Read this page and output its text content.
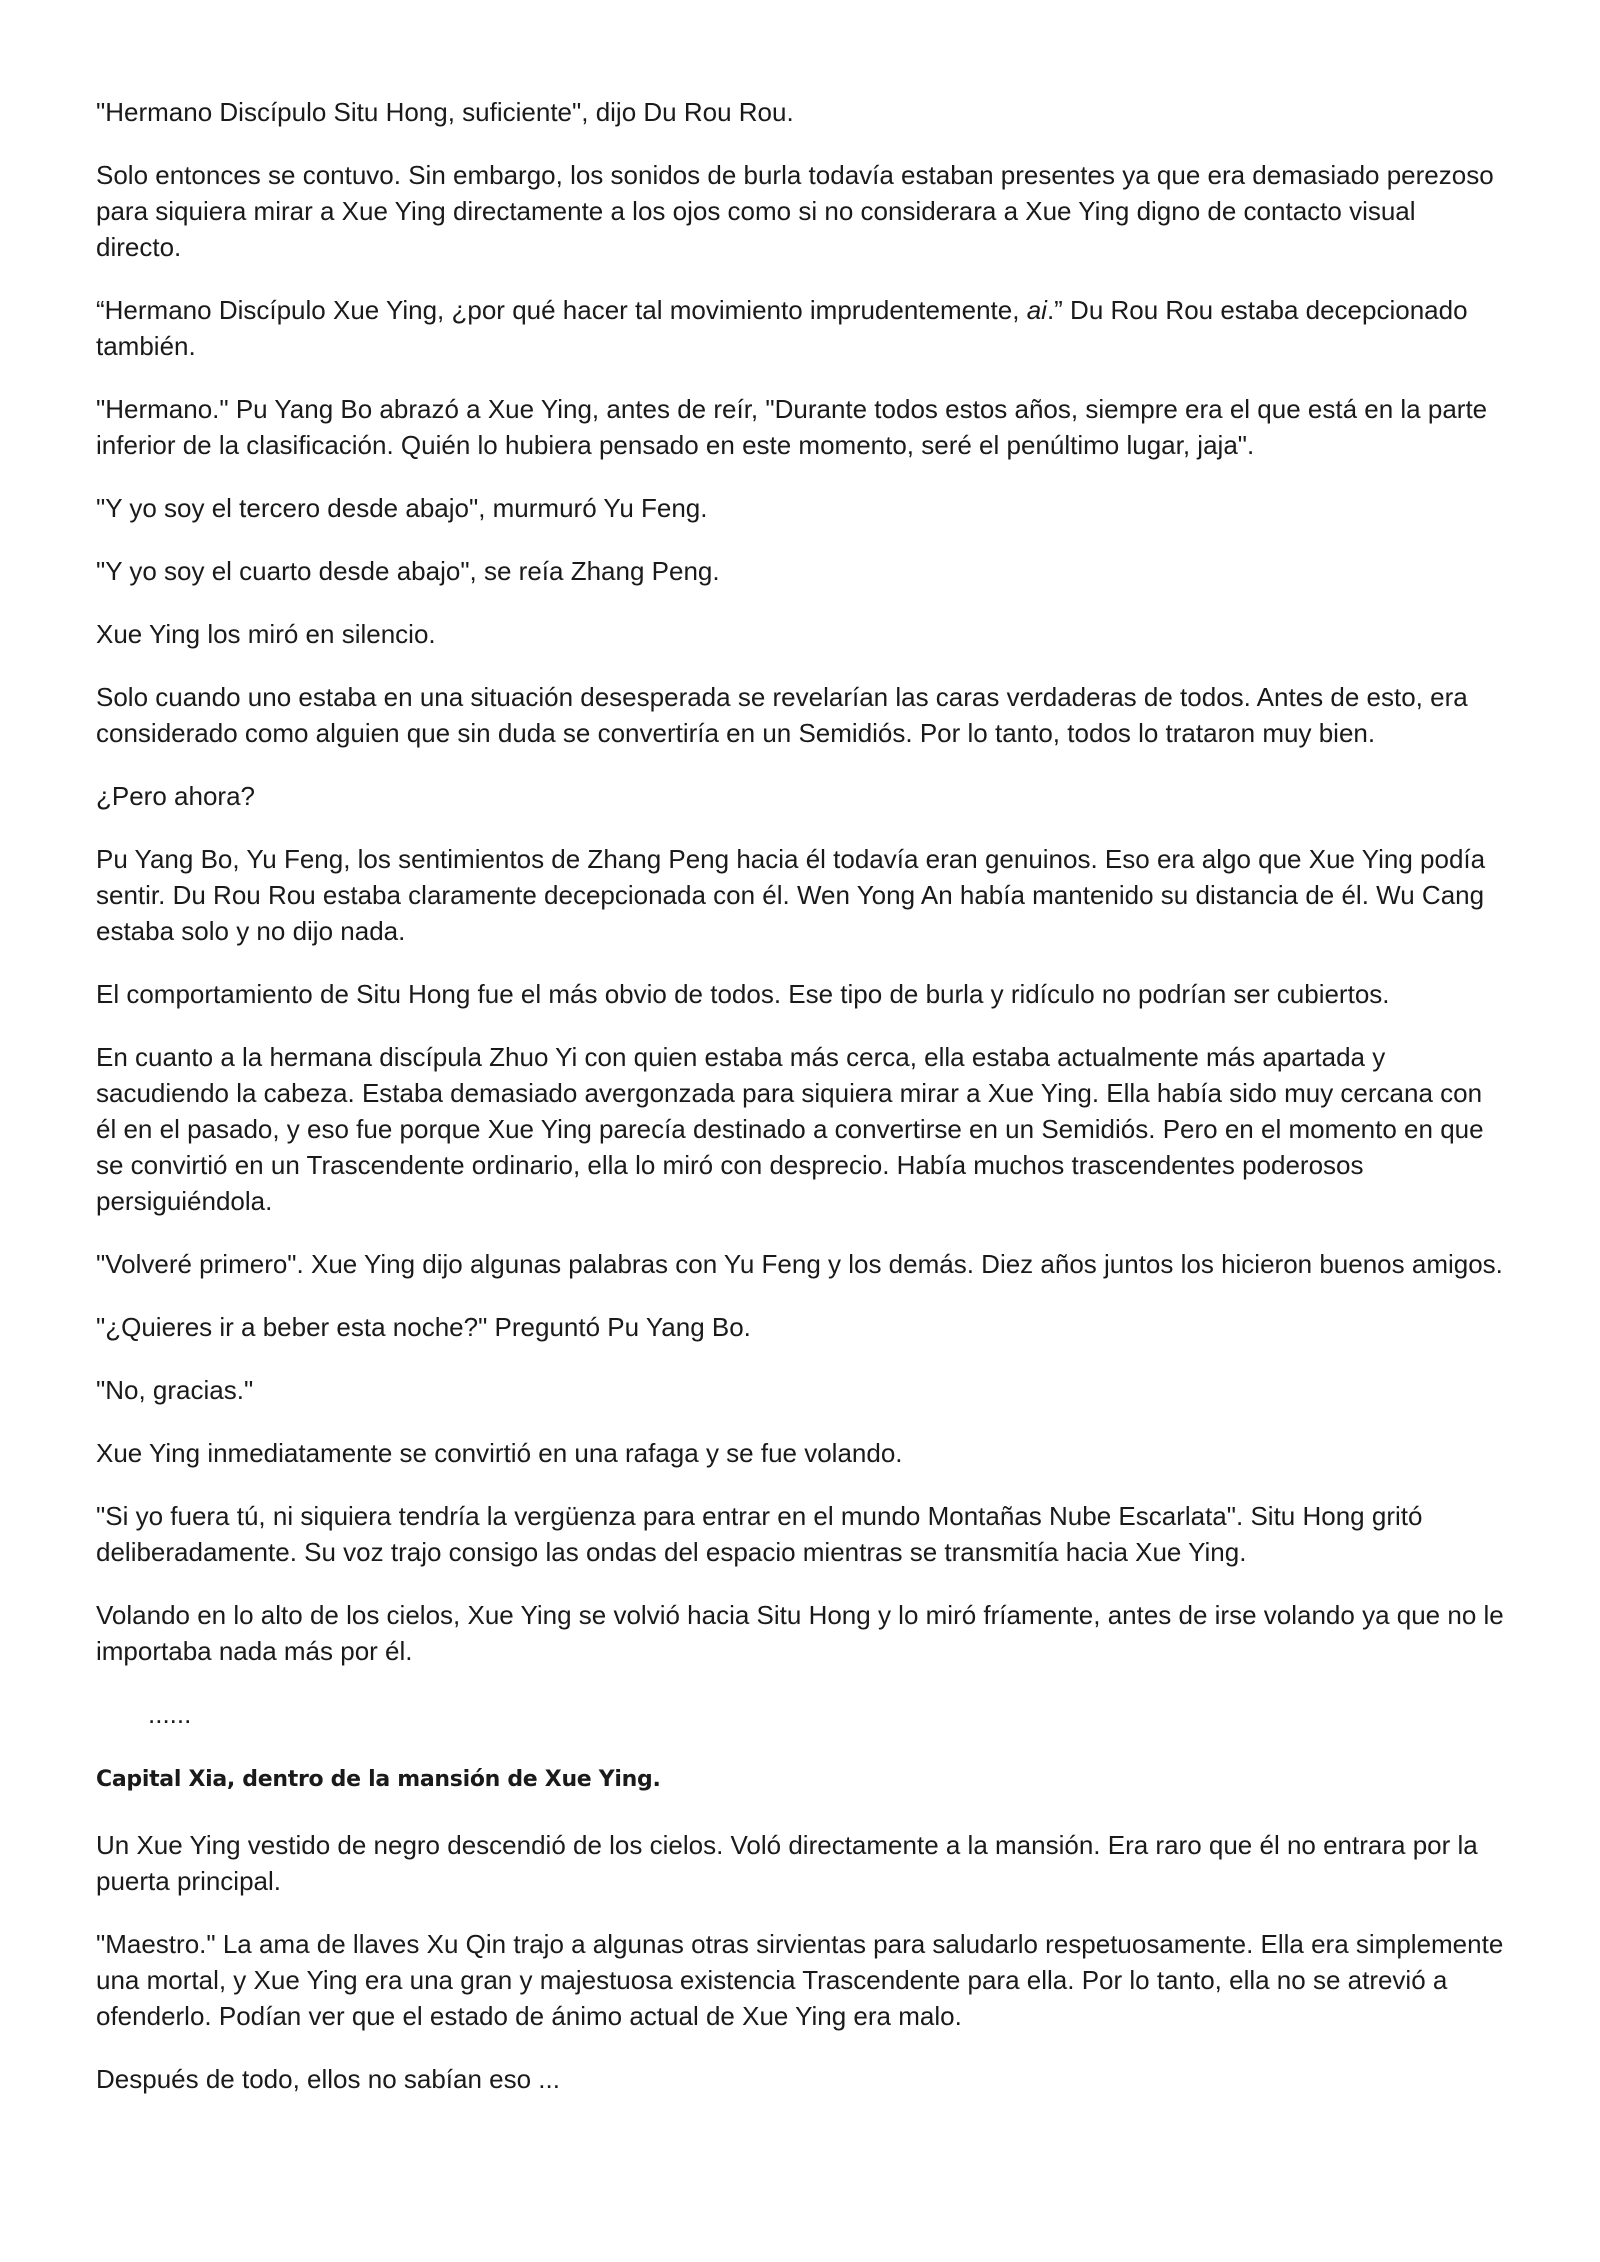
"Hermano Discípulo Situ Hong, suficiente", dijo Du Rou Rou.

Solo entonces se contuvo. Sin embargo, los sonidos de burla todavía estaban presentes ya que era demasiado perezoso para siquiera mirar a Xue Ying directamente a los ojos como si no considerara a Xue Ying digno de contacto visual directo.

“Hermano Discípulo Xue Ying, ¿por qué hacer tal movimiento imprudentemente, ai.” Du Rou Rou estaba decepcionado también.

"Hermano." Pu Yang Bo abrazó a Xue Ying, antes de reír, "Durante todos estos años, siempre era el que está en la parte inferior de la clasificación. Quién lo hubiera pensado en este momento, seré el penúltimo lugar, jaja".

"Y yo soy el tercero desde abajo", murmuró Yu Feng.

"Y yo soy el cuarto desde abajo", se reía Zhang Peng.

Xue Ying los miró en silencio.

Solo cuando uno estaba en una situación desesperada se revelarían las caras verdaderas de todos. Antes de esto, era considerado como alguien que sin duda se convertiría en un Semidiós. Por lo tanto, todos lo trataron muy bien.

¿Pero ahora?

Pu Yang Bo, Yu Feng, los sentimientos de Zhang Peng hacia él todavía eran genuinos. Eso era algo que Xue Ying podía sentir. Du Rou Rou estaba claramente decepcionada con él. Wen Yong An había mantenido su distancia de él. Wu Cang estaba solo y no dijo nada.

El comportamiento de Situ Hong fue el más obvio de todos. Ese tipo de burla y ridículo no podrían ser cubiertos.

En cuanto a la hermana discípula Zhuo Yi con quien estaba más cerca, ella estaba actualmente más apartada y sacudiendo la cabeza. Estaba demasiado avergonzada para siquiera mirar a Xue Ying. Ella había sido muy cercana con él en el pasado, y eso fue porque Xue Ying parecía destinado a convertirse en un Semidiós. Pero en el momento en que se convirtió en un Trascendente ordinario, ella lo miró con desprecio. Había muchos trascendentes poderosos persiguiéndola.

"Volveré primero". Xue Ying dijo algunas palabras con Yu Feng y los demás. Diez años juntos los hicieron buenos amigos.

"¿Quieres ir a beber esta noche?" Preguntó Pu Yang Bo.

"No, gracias."

Xue Ying inmediatamente se convirtió en una rafaga y se fue volando.

"Si yo fuera tú, ni siquiera tendría la vergüenza para entrar en el mundo Montañas Nube Escarlata". Situ Hong gritó deliberadamente. Su voz trajo consigo las ondas del espacio mientras se transmitía hacia Xue Ying.

Volando en lo alto de los cielos, Xue Ying se volvió hacia Situ Hong y lo miró fríamente, antes de irse volando ya que no le importaba nada más por él.

......

Capital Xia, dentro de la mansión de Xue Ying.

Un Xue Ying vestido de negro descendió de los cielos. Voló directamente a la mansión. Era raro que él no entrara por la puerta principal.

"Maestro." La ama de llaves Xu Qin trajo a algunas otras sirvientas para saludarlo respetuosamente. Ella era simplemente una mortal, y Xue Ying era una gran y majestuosa existencia Trascendente para ella. Por lo tanto, ella no se atrevió a ofenderlo. Podían ver que el estado de ánimo actual de Xue Ying era malo.

Después de todo, ellos no sabían eso ...
